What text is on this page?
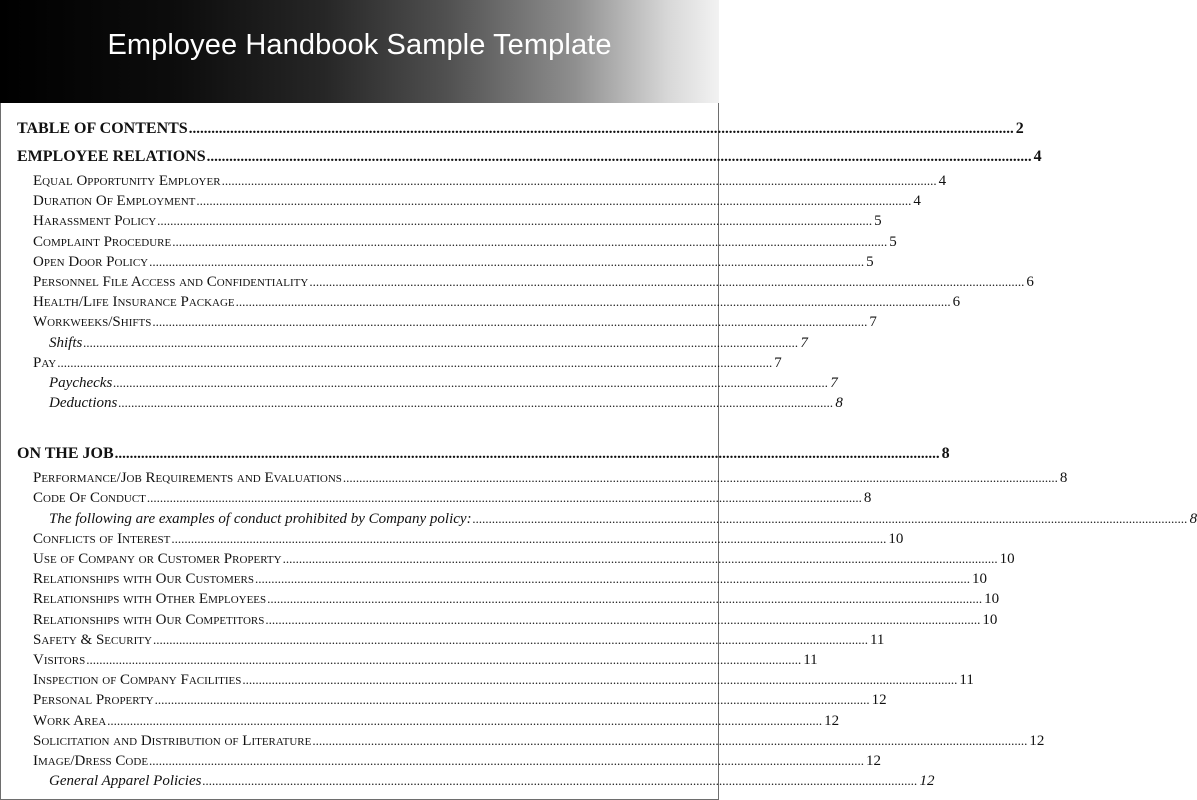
Employee Handbook Sample Template
TABLE OF CONTENTS ............................................................................................................................................................................................................................ 2
EMPLOYEE RELATIONS ............................................................................................................................................................................................................................ 4
Equal Opportunity Employer ............................................................................................................................................................................................................................ 4
Duration Of Employment ............................................................................................................................................................................................................................ 4
Harassment Policy ............................................................................................................................................................................................................................ 5
Complaint Procedure ............................................................................................................................................................................................................................ 5
Open Door Policy ............................................................................................................................................................................................................................ 5
Personnel File Access and Confidentiality ............................................................................................................................................................................................................................ 6
Health/Life Insurance Package ............................................................................................................................................................................................................................ 6
Workweeks/Shifts ............................................................................................................................................................................................................................ 7
Shifts ............................................................................................................................................................................................................................ 7
Pay ............................................................................................................................................................................................................................ 7
Paychecks ............................................................................................................................................................................................................................ 7
Deductions ............................................................................................................................................................................................................................ 8
ON THE JOB ............................................................................................................................................................................................................................ 8
Performance/Job Requirements and Evaluations ............................................................................................................................................................................................................................ 8
Code Of Conduct ............................................................................................................................................................................................................................ 8
The following are examples of conduct prohibited by Company policy: ............................................................................................................................................................................................................................ 8
Conflicts of Interest ............................................................................................................................................................................................................................ 10
Use of Company or Customer Property ............................................................................................................................................................................................................................ 10
Relationships with Our Customers ............................................................................................................................................................................................................................ 10
Relationships with Other Employees ............................................................................................................................................................................................................................ 10
Relationships with Our Competitors ............................................................................................................................................................................................................................ 10
Safety & Security ............................................................................................................................................................................................................................ 11
Visitors ............................................................................................................................................................................................................................ 11
Inspection of Company Facilities ............................................................................................................................................................................................................................ 11
Personal Property ............................................................................................................................................................................................................................ 12
Work Area ............................................................................................................................................................................................................................ 12
Solicitation and Distribution of Literature ............................................................................................................................................................................................................................ 12
Image/Dress Code ............................................................................................................................................................................................................................ 12
General Apparel Policies ............................................................................................................................................................................................................................ 12
